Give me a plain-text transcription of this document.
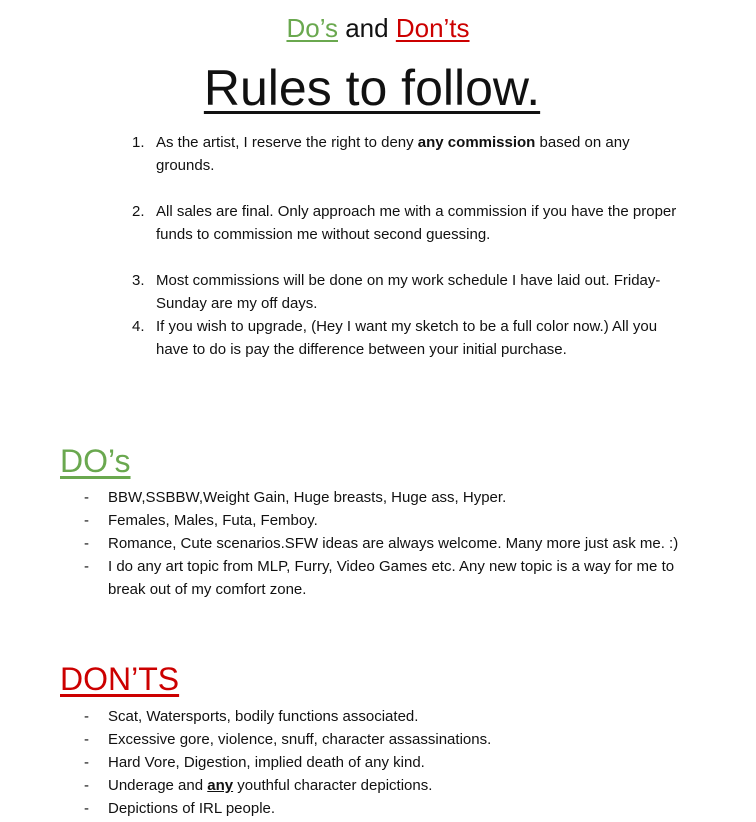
Do’s and Don’ts
Rules to follow.
1. As the artist, I reserve the right to deny any commission based on any grounds.
2. All sales are final. Only approach me with a commission if you have the proper funds to commission me without second guessing.
3. Most commissions will be done on my work schedule I have laid out. Friday-Sunday are my off days.
4. If you wish to upgrade, (Hey I want my sketch to be a full color now.) All you have to do is pay the difference between your initial purchase.
DO’s
- BBW,SSBBW,Weight Gain, Huge breasts, Huge ass, Hyper.
- Females, Males, Futa, Femboy.
- Romance, Cute scenarios.SFW ideas are always welcome. Many more just ask me. :)
- I do any art topic from MLP, Furry, Video Games etc. Any new topic is a way for me to break out of my comfort zone.
DON’TS
- Scat, Watersports, bodily functions associated.
- Excessive gore, violence, snuff, character assassinations.
- Hard Vore, Digestion, implied death of any kind.
- Underage and any youthful character depictions.
- Depictions of IRL people.
